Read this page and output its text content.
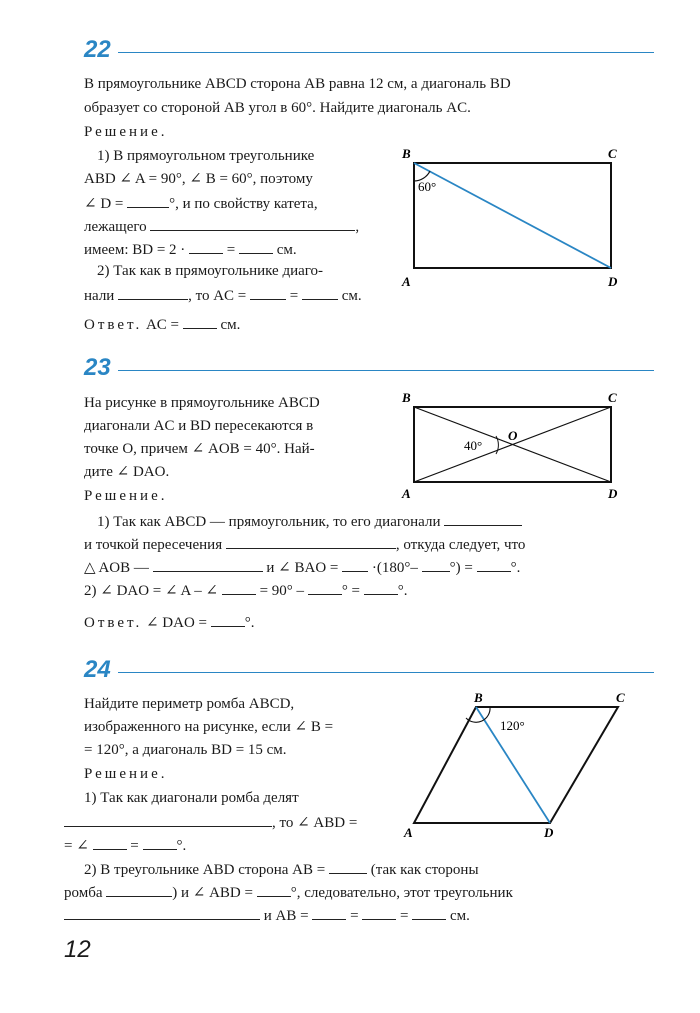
22
В прямоугольнике ABCD сторона AB равна 12 см, а диагональ BD
образует со стороной AB угол в 60°. Найдите диагональ AC.
Решение.
1) В прямоугольном треугольнике
ABD ∠ A = 90°, ∠ B = 60°, поэтому
∠ D =	°, и по свойству катета,
лежащего	,
имеем: BD = 2 ·  =  см.
2) Так как в прямоугольнике диаго-
нали	, то AC =  =  см.
Ответ. AC =  см.
60°
B	C
A	D
23
На рисунке в прямоугольнике ABCD
диагонали AC и BD пересекаются в
точке O, причем ∠ AOB = 40°. Най-
дите ∠ DAO.
Решение.
1) Так как ABCD — прямоугольник, то его диагонали
и точкой пересечения	, откуда следует, что
△ AOB —	и ∠ BAO =  ·(180°– °) = °.
2) ∠ DAO = ∠ A – ∠  = 90° – ° = °.
Ответ. ∠ DAO = °.
40°
O
B	C
A	D
24
Найдите периметр ромба ABCD,
изображенного на рисунке, если ∠ B =
= 120°, а диагональ BD = 15 см.
Решение.
1) Так как диагонали ромба делят
, то ∠ ABD =
= ∠  = °.
2) В треугольнике ABD сторона AB =	(так как стороны
ромба	) и ∠ ABD = °, следовательно, этот треугольник
и AB =  =  =  см.
120°
B	C
A	D
12
